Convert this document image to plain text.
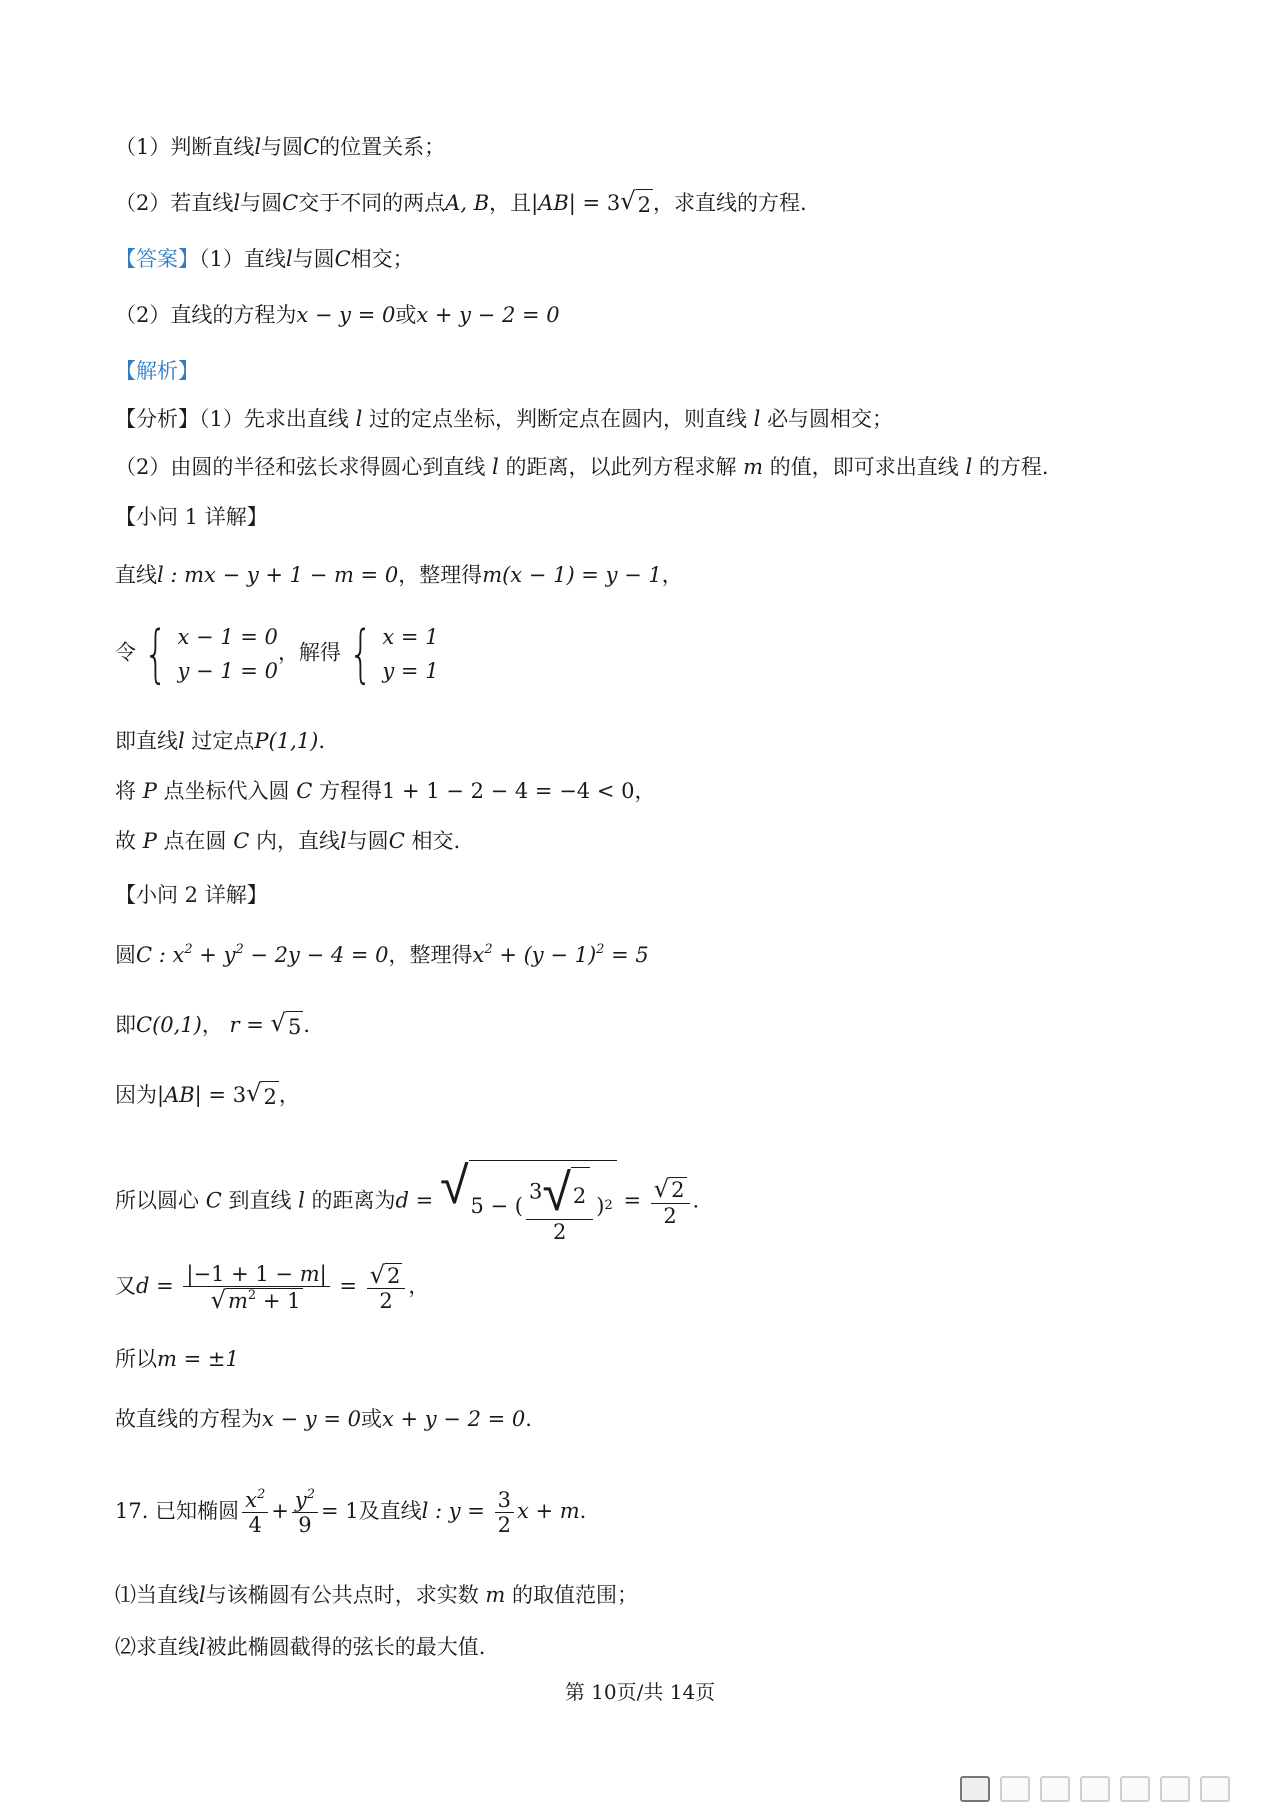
（1）判断直线l与圆C的位置关系；
（2）若直线l与圆C交于不同的两点A, B，且|AB| = 3 √ 2 ，求直线的方程.
【答案】（1）直线l与圆C相交；
（2）直线的方程为x − y = 0或x + y − 2 = 0
【解析】
【分析】（1）先求出直线 l 过的定点坐标，判断定点在圆内，则直线 l 必与圆相交；
（2）由圆的半径和弦长求得圆心到直线 l 的距离，以此列方程求解 m 的值，即可求出直线 l 的方程.
【小问 1 详解】
直线l : mx − y + 1 − m = 0，整理得m(x − 1) = y − 1，
令 { x − 1 = 0
y − 1 = 0
，解得 { x = 1
y = 1
即直线l 过定点P(1,1).
将 P 点坐标代入圆 C 方程得1 + 1 − 2 − 4 = −4 < 0，
故 P 点在圆 C 内，直线l与圆C 相交.
【小问 2 详解】
圆C : $x^2 + y^2 - 2y - 4 = 0$，整理得$x^2 + (y - 1)^2 = 5$
即C(0,1)， r = √ 5 .
因为|AB| = 3 √ 2 ，
所以圆心 C 到直线 l 的距离为d = √ 5 − ( $\frac{3 √ 2}{2}$ ) $2 = \frac{√ 2}{2}$ .
又$d = \frac{|-1 + 1 - m|}{√ m^2 + 1} = \frac{√ 2}{2}$ ，
所以m = ±1
故直线的方程为x − y = 0或x + y − 2 = 0.
17. 已知椭圆 $\frac{x^2}{4} + \frac{y^2}{9} = 1$及直线l : $y = \frac{3}{2}$ x + m.
⑴当直线l与该椭圆有公共点时，求实数 m 的取值范围；
⑵求直线l被此椭圆截得的弦长的最大值.
第 10页/共 14页
